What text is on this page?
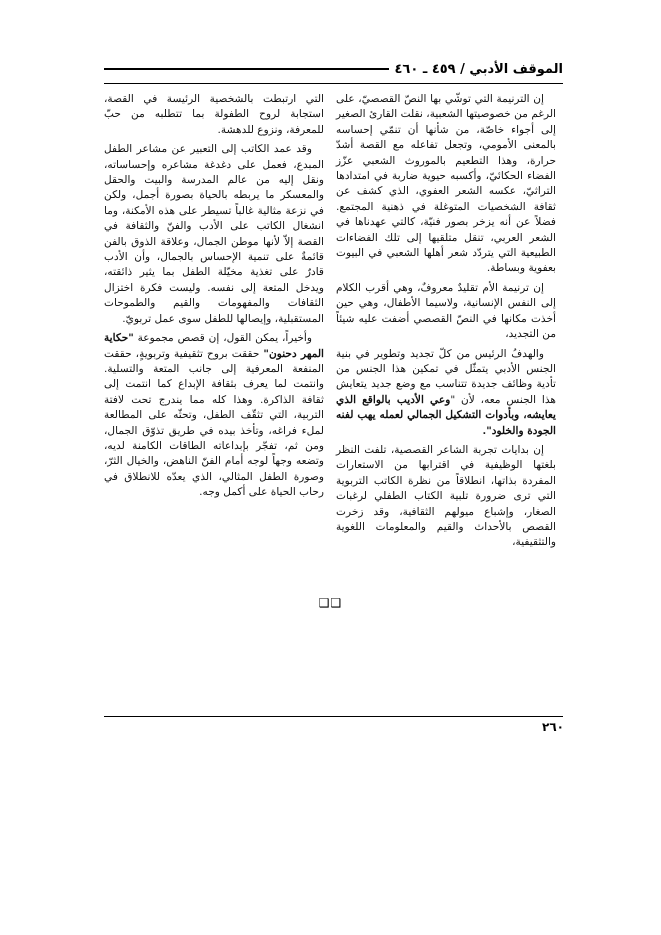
الموقف الأدبي / ٤٥٩ ـ ٤٦٠

إن الترنيمة التي توشّي بها النصّ القصصيّ، على الرغم من خصوصيتها الشعبية، نقلت القارئ الصغير إلى أجواء خاصّة، من شأنها أن تنمّي إحساسه بالمعنى الأمومي، وتجعل تفاعله مع القصة أشدّ حرارة، وهذا التطعيم بالموروث الشعبي عزّز الفضاء الحكائيّ، وأكسبه حيوية ضاربة في امتدادها التراثيّ، عكسه الشعر العفوي، الذي كشف عن ثقافة الشخصيات المتوغلة في ذهنية المجتمع. فضلاً عن أنه يزخر بصور فنيّة، كالتي عهدناها في الشعر العربي، تنقل متلقيها إلى تلك الفضاءات الطبيعية التي يتردّد شعر أهلها الشعبي في البيوت بعفوية وبساطة.

إن ترنيمة الأم تقليدٌ معروفٌ، وهي أقرب الكلام إلى النفس الإنسانية، ولاسيما الأطفال، وهي حين أخذت مكانها في النصّ القصصي أضفت عليه شيئاً من التجديد،

والهدفُ الرئيس من كلّ تجديد وتطوير في بنية الجنس الأدبي يتمثّل في تمكين هذا الجنس من تأدية وظائف جديدة تتناسب مع وضع جديد يتعايش هذا الجنس معه، لأن "وعي الأديب بالواقع الذي يعايشه، وبأدوات التشكيل الجمالي لعمله يهب لفنه الجودة والخلود".

إن بدايات تجربة الشاعر القصصية، تلفت النظر بلغتها الوظيفية في اقترابها من الاستعارات المفردة بذاتها، انطلاقاً من نظرة الكاتب التربوية التي ترى ضرورة تلبية الكتاب الطفلي لرغبات الصغار، وإشباع ميولهم الثقافية، وقد زخرت القصص بالأحداث والقيم والمعلومات اللغوية والتثقيفية،

التي ارتبطت بالشخصية الرئيسة في القصة، استجابة لروح الطفولة بما تتطلبه من حبّ للمعرفة، ونزوع للدهشة.

وقد عمد الكاتب إلى التعبير عن مشاعر الطفل المبدع، فعمل على دغدغة مشاعره وإحساساته، ونقل إليه من عالم المدرسة والبيت والحقل والمعسكر ما يربطه بالحياة بصورة أجمل، ولكن في نزعة مثالية غالباً تسيطر على هذه الأمكنة، وما انشغال الكاتب على الأدب والفنّ والثقافة في القصة إلاّ لأنها موطن الجمال، وعلاقة الذوق بالفن قائمةٌ على تنمية الإحساس بالجمال، وأن الأدب قادرٌ على تغذية مخيّلة الطفل بما يثير ذائقته، ويدخل المتعة إلى نفسه. وليست فكرة اختزال الثقافات والمفهومات والقيم والطموحات المستقبلية، وإيصالها للطفل سوى عمل تربويّ.

وأخيراً، يمكن القول، إن قصص مجموعة "حكاية المهر دحنون" حققت بروح تثقيفية وتربويةٍ، حققت المنفعة المعرفية إلى جانب المتعة والتسلية. وانتمت لما يعرف بثقافة الإبداع كما انتمت إلى ثقافة الذاكرة. وهذا كله مما يندرج تحت لافتة التربية، التي تثقّف الطفل، وتحثّه على المطالعة لملء فراغه، وتأخذ بيده في طريق تذوّق الجمال، ومن ثم، تفجّر بإبداعاته الطاقات الكامنة لديه، وتضعه وجهاً لوجه أمام الفنّ الناهض، والخيال الثرّ، وصورة الطفل المثالي، الذي يعدّه للانطلاق في رحاب الحياة على أكمل وجه.

❑❑
٢٦٠
